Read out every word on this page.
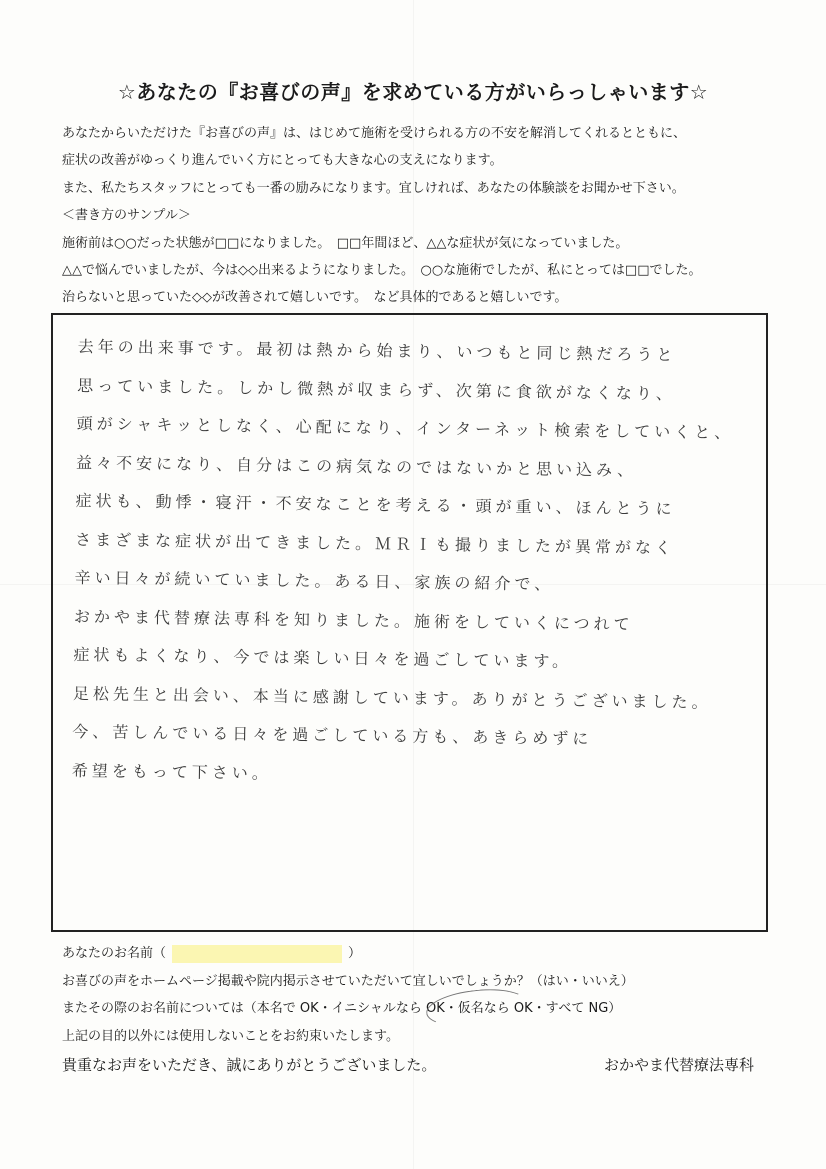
☆あなたの『お喜びの声』を求めている方がいらっしゃいます☆
あなたからいただけた『お喜びの声』は、はじめて施術を受けられる方の不安を解消してくれるとともに、
症状の改善がゆっくり進んでいく方にとっても大きな心の支えになります。
また、私たちスタッフにとっても一番の励みになります。宜しければ、あなたの体験談をお聞かせ下さい。
＜書き方のサンプル＞
施術前は○○だった状態が□□になりました。　□□年間ほど、△△な症状が気になっていました。
△△で悩んでいましたが、今は◇◇出来るようになりました。　○○な施術でしたが、私にとっては□□でした。
治らないと思っていた◇◇が改善されて嬉しいです。　など具体的であると嬉しいです。
去年の出来事です。最初は熱から始まり、いつもと同じ熱だろうと
思っていました。しかし微熱が収まらず、次第に食欲がなくなり、
頭がシャキッとしなく、心配になり、インターネット検索をしていくと、
益々不安になり、自分はこの病気なのではないかと思い込み、
症状も、動悸・寝汗・不安なことを考える・頭が重い、ほんとうに
さまざまな症状が出てきました。ＭＲＩも撮りましたが異常がなく
辛い日々が続いていました。ある日、家族の紹介で、
おかやま代替療法専科を知りました。施術をしていくにつれて
症状もよくなり、今では楽しい日々を過ごしています。
足松先生と出会い、本当に感謝しています。ありがとうございました。
今、苦しんでいる日々を過ごしている方も、あきらめずに
希望をもって下さい。
あなたのお名前（	）
お喜びの声をホームページ掲載や院内掲示させていただいて宜しいでしょうか？（はい・いいえ）
またその際のお名前については（本名で OK・イニシャルなら OK・仮名なら OK・すべて NG）
上記の目的以外には使用しないことをお約束いたします。
貴重なお声をいただき、誠にありがとうございました。	おかやま代替療法専科
